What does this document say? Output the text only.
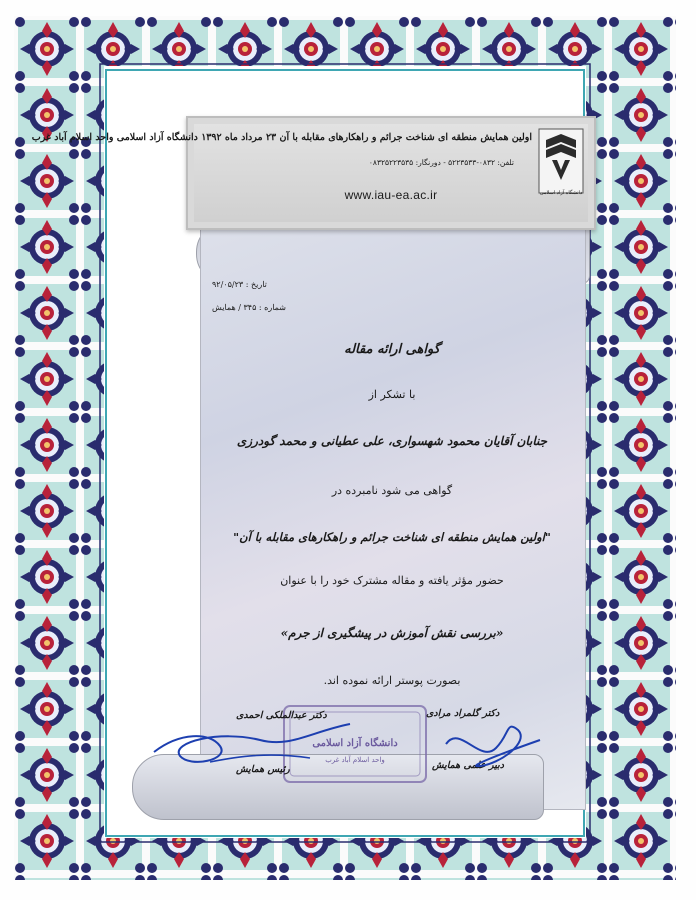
اولین همایش منطقه ای شناخت جرائم و راهکارهای مقابله با آن ۲۳ مرداد ماه ۱۳۹۲ دانشگاه آزاد اسلامی واحد اسلام آباد غرب
تلفن: ۰۸۳۲-۵۲۲۳۵۳۳ - دورنگار: ۰۸۳۲۵۲۲۳۵۳۵
www.iau-ea.ac.ir	دانشگاه آزاد اسلامی
تاریخ : ۹۲/۰۵/۲۳
شماره : ۳۴۵ / همایش
گواهی ارائه مقاله
با تشکر از
جنابان آقایان محمود شهسواری، علی عطیانی و محمد گودرزی
گواهی می شود نامبرده در
"اولین همایش منطقه ای شناخت جرائم و راهکارهای مقابله با آن"
حضور مؤثر یافته و مقاله مشترک خود را با عنوان
«بررسی نقش آموزش در پیشگیری از جرم»
بصورت پوستر ارائه نموده اند.
دانشگاه آزاد اسلامی
واحد اسلام آباد غرب
دکتر عبدالملکی احمدی
رئیس همایش
دکتر گلمراد مرادی
دبیر علمی همایش
